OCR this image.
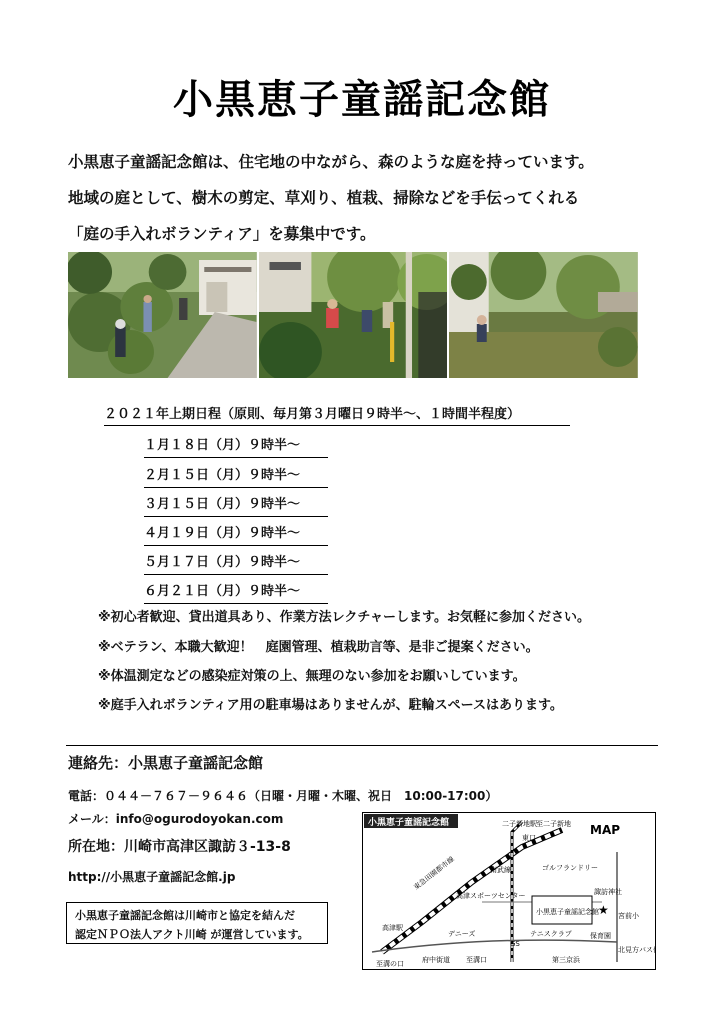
小黒恵子童謡記念館
小黒恵子童謡記念館は、住宅地の中ながら、森のような庭を持っています。
地域の庭として、樹木の剪定、草刈り、植栽、掃除などを手伝ってくれる
「庭の手入れボランティア」を募集中です。
２０２１年上期日程（原則、毎月第３月曜日９時半～、１時間半程度）
１月１８日（月）９時半～
２月１５日（月）９時半～
３月１５日（月）９時半～
４月１９日（月）９時半～
５月１７日（月）９時半～
６月２１日（月）９時半～
※初心者歓迎、貸出道具あり、作業方法レクチャーします。お気軽に参加ください。
※ベテラン、本職大歓迎！　庭園管理、植栽助言等、是非ご提案ください。
※体温測定などの感染症対策の上、無理のない参加をお願いしています。
※庭手入れボランティア用の駐車場はありませんが、駐輪スペースはあります。
連絡先：小黒恵子童謡記念館
電話：０４４－７６７－９６４６（日曜・月曜・木曜、祝日　10:00-17:00）
メール：info@ogurodoyokan.com
所在地：川崎市高津区諏訪３-13-8
http://小黒恵子童謡記念館.jp
小黒恵子童謡記念館は川崎市と協定を結んだ
認定ＮＰＯ法人アクト川崎 が運営しています。
小黒恵子童謡記念館	MAP
至溝の口
東口
二子新地駅 至二子新地
南武線
高津駅
東急田園都市線	ゴルフランドリー
諏訪神社
高津スポーツセンター
小黒恵子童謡記念館 ★
テニスクラブ
府中街道
GS
デニーズ	保育園
北見方バス停
宮前小
至溝口	第三京浜
